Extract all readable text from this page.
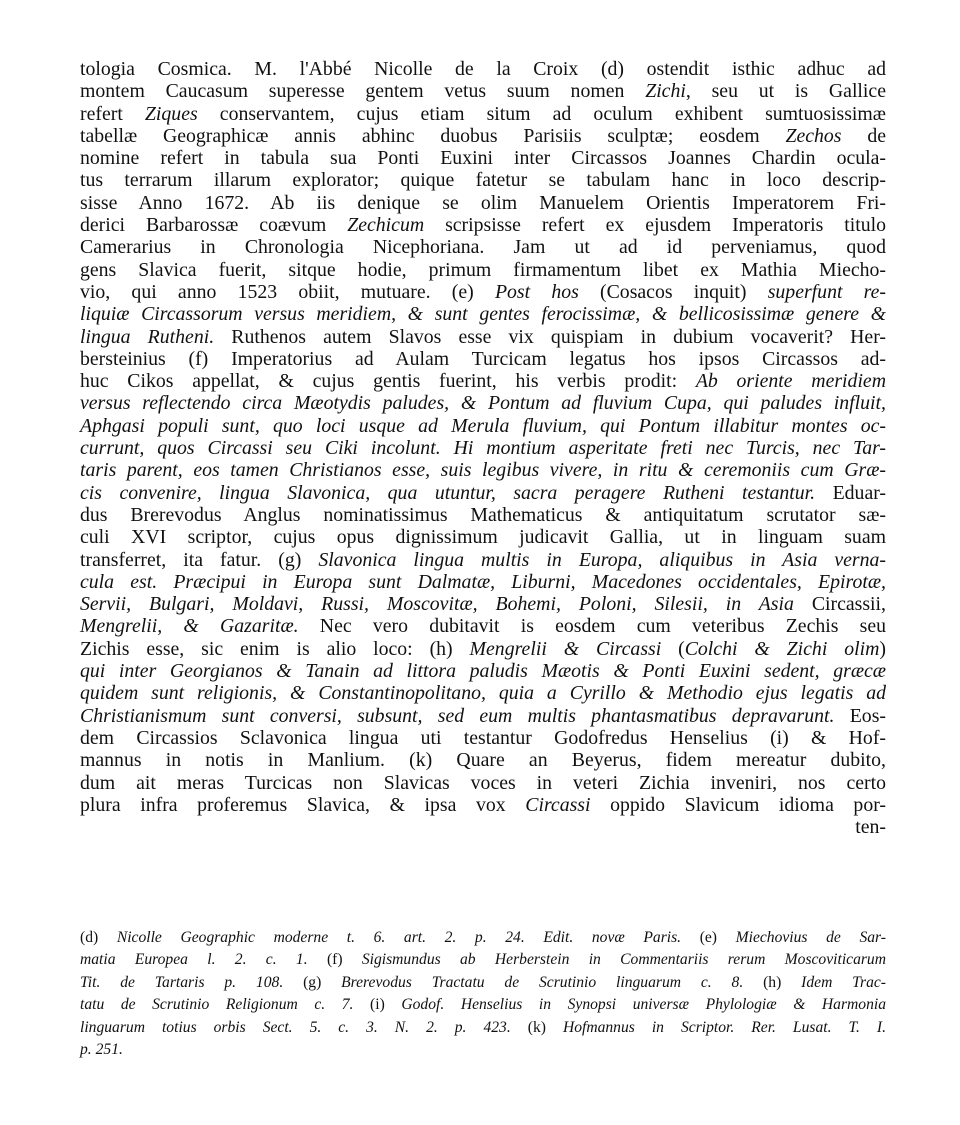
tologia Cosmica. M. l'Abbé Nicolle de la Croix (d) ostendit isthic adhuc ad
montem Caucasum superesse gentem vetus suum nomen Zichi, seu ut is Gallice
refert Ziques conservantem, cujus etiam situm ad oculum exhibent sumtuosissimæ
tabellæ Geographicæ annis abhinc duobus Parisiis sculptæ; eosdem Zechos de
nomine refert in tabula sua Ponti Euxini inter Circassos Joannes Chardin ocula-
tus terrarum illarum explorator; quique fatetur se tabulam hanc in loco descrip-
sisse Anno 1672. Ab iis denique se olim Manuelem Orientis Imperatorem Fri-
derici Barbarossæ coævum Zechicum scripsisse refert ex ejusdem Imperatoris titulo
Camerarius in Chronologia Nicephoriana. Jam ut ad id perveniamus, quod
gens Slavica fuerit, sitque hodie, primum firmamentum libet ex Mathia Miecho-
vio, qui anno 1523 obiit, mutuare. (e) Post hos (Cosacos inquit) superfunt re-
liquiæ Circassorum versus meridiem, & sunt gentes ferocissimæ, & bellicosissimæ genere &
lingua Rutheni. Ruthenos autem Slavos esse vix quispiam in dubium vocaverit? Her-
bersteinius (f) Imperatorius ad Aulam Turcicam legatus hos ipsos Circassos ad-
huc Cikos appellat, & cujus gentis fuerint, his verbis prodit: Ab oriente meridiem
versus reflectendo circa Mæotydis paludes, & Pontum ad fluvium Cupa, qui paludes influit,
Aphgasi populi sunt, quo loci usque ad Merula fluvium, qui Pontum illabitur montes oc-
currunt, quos Circassi seu Ciki incolunt. Hi montium asperitate freti nec Turcis, nec Tar-
taris parent, eos tamen Christianos esse, suis legibus vivere, in ritu & ceremoniis cum Græ-
cis convenire, lingua Slavonica, qua utuntur, sacra peragere Rutheni testantur. Eduar-
dus Brerevodus Anglus nominatissimus Mathematicus & antiquitatum scrutator sæ-
culi XVI scriptor, cujus opus dignissimum judicavit Gallia, ut in linguam suam
transferret, ita fatur. (g) Slavonica lingua multis in Europa, aliquibus in Asia verna-
cula est. Præcipui in Europa sunt Dalmatæ, Liburni, Macedones occidentales, Epirotæ,
Servii, Bulgari, Moldavi, Russi, Moscovitæ, Bohemi, Poloni, Silesii, in Asia Circassii,
Mengrelii, & Gazaritæ. Nec vero dubitavit is eosdem cum veteribus Zechis seu
Zichis esse, sic enim is alio loco: (h) Mengrelii & Circassi (Colchi & Zichi olim)
qui inter Georgianos & Tanain ad littora paludis Mæotis & Ponti Euxini sedent, græcæ
quidem sunt religionis, & Constantinopolitano, quia a Cyrillo & Methodio ejus legatis ad
Christianismum sunt conversi, subsunt, sed eum multis phantasmatibus depravarunt. Eos-
dem Circassios Sclavonica lingua uti testantur Godofredus Henselius (i) & Hof-
mannus in notis in Manlium. (k) Quare an Beyerus, fidem mereatur dubito,
dum ait meras Turcicas non Slavicas voces in veteri Zichia inveniri, nos certo
plura infra proferemus Slavica, & ipsa vox Circassi oppido Slavicum idioma por-
ten-
(d) Nicolle Geographic moderne t. 6. art. 2. p. 24. Edit. novæ Paris. (e) Miechovius de Sar-
matia Europea l. 2. c. 1. (f) Sigismundus ab Herberstein in Commentariis rerum Moscoviticarum
Tit. de Tartaris p. 108. (g) Brerevodus Tractatu de Scrutinio linguarum c. 8. (h) Idem Trac-
tatu de Scrutinio Religionum c. 7. (i) Godof. Henselius in Synopsi universæ Phylologiæ & Harmonia
linguarum totius orbis Sect. 5. c. 3. N. 2. p. 423. (k) Hofmannus in Scriptor. Rer. Lusat. T. I.
p. 251.
